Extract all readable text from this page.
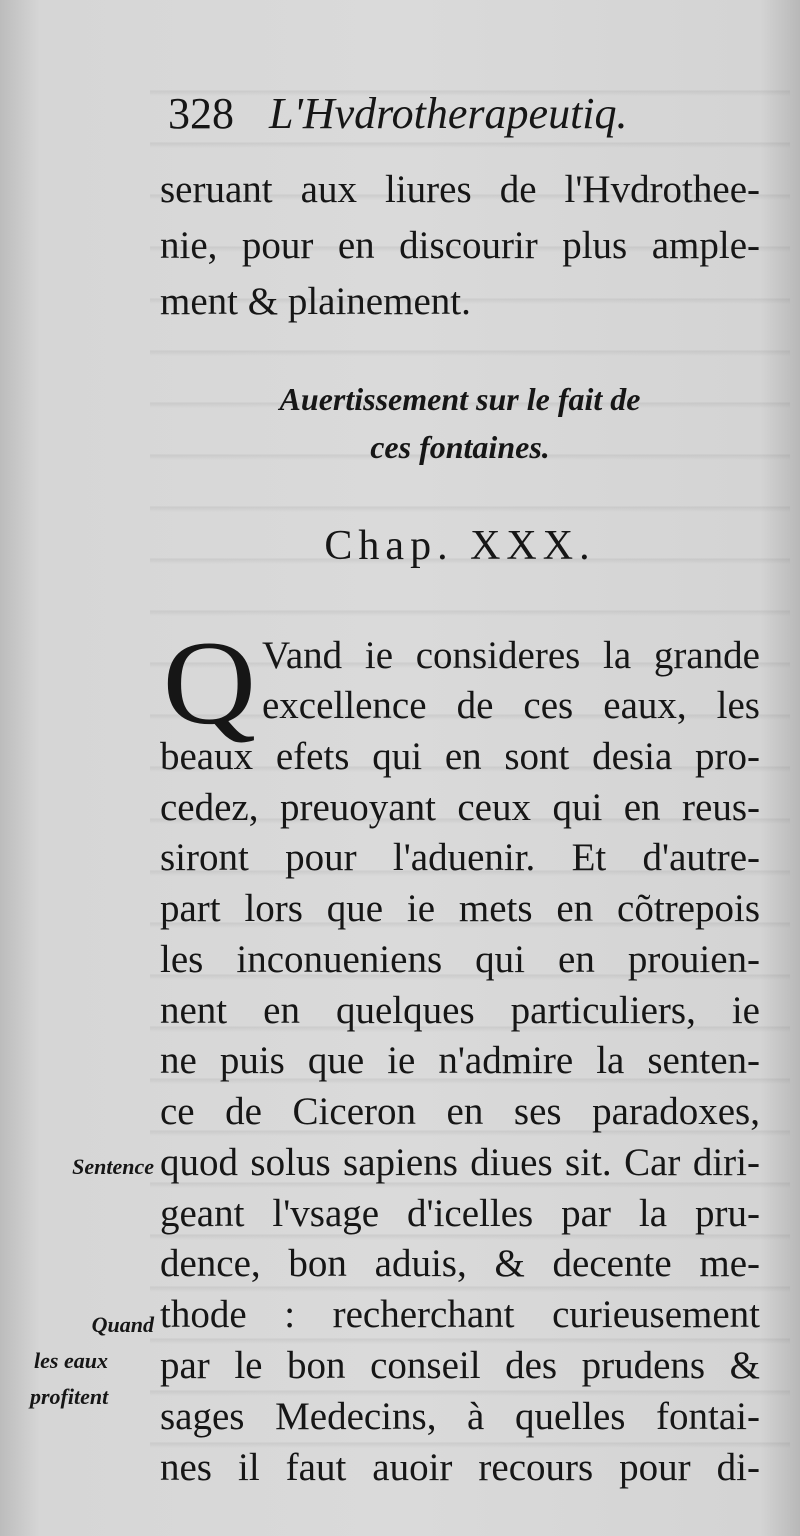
328 L'Hvdrotherapeutiq.
seruant aux liures de l'Hvdrothee-
nie, pour en discourir plus ample-
ment & plainement.
Auertissement sur le fait de
ces fontaines.
Chap. XXX.
Q Vand ie consideres la grande
excellence de ces eaux, les
beaux efets qui en sont desia pro-
cedez, preuoyant ceux qui en reus-
siront pour l'aduenir. Et d'autre-
part lors que ie mets en cõtrepois
les inconueniens qui en prouien-
nent en quelques particuliers, ie
ne puis que ie n'admire la senten-
ce de Ciceron en ses paradoxes,
quod solus sapiens diues sit. Car diri-
geant l'vsage d'icelles par la pru-
dence, bon aduis, & decente me-
thode : recherchant curieusement
par le bon conseil des prudens &
sages Medecins, à quelles fontai-
nes il faut auoir recours pour di-
Sentence
Quand
les eaux
profitent
